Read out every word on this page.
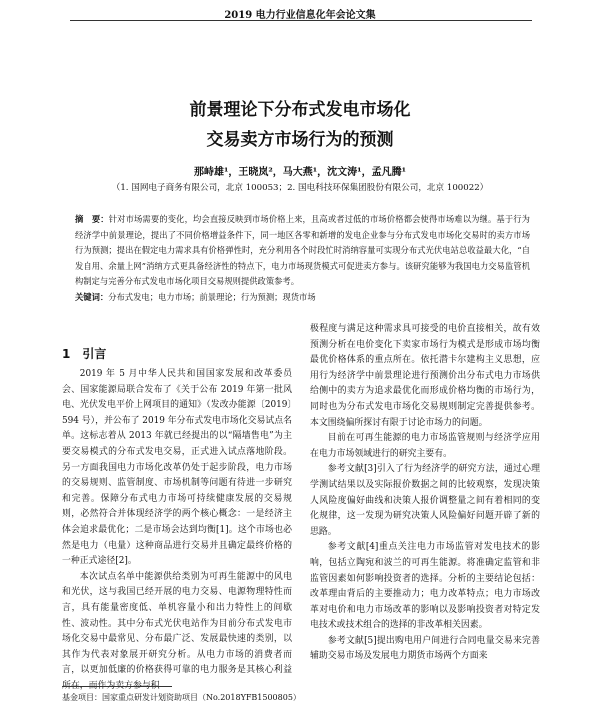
2019 电力行业信息化年会论文集
前景理论下分布式发电市场化
交易卖方市场行为的预测
那峙雄¹，王晓岚²，马大燕¹，沈文涛¹，孟凡腾¹
（1. 国网电子商务有限公司，北京 100053；2. 国电科技环保集团股份有限公司，北京 100022）
摘　要：针对市场需要的变化，均会直接反映到市场价格上来，且高或者过低的市场价格都会使得市场难以为继。基于行为经济学中前景理论，提出了不同价格增益条件下，同一地区各零和新增的发电企业参与分布式发电市场化交易时的卖方市场行为预测；提出在假定电力需求具有价格弹性时，充分利用各个时段忙时消纳容量可实现分布式光伏电站总收益最大化，“自发自用、余量上网”消纳方式更具备经济性的特点下，电力市场现货模式可促进卖方参与。该研究能够为我国电力交易监管机构制定与完善分布式发电市场化项目交易规则提供政策参考。
关键词：分布式发电；电力市场；前景理论；行为预测；现货市场
1　引言

2019 年 5 月中华人民共和国国家发展和改革委员会、国家能源局联合发布了《关于公布 2019 年第一批风电、光伏发电平价上网项目的通知》（发改办能源〔2019〕594 号），并公布了 2019 年分布式发电市场化交易试点名单。这标志着从 2013 年就已经提出的以“隔墙售电”为主要交易模式的分布式发电交易，正式进入试点落地阶段。另一方面我国电力市场化改革仍处于起步阶段，电力市场的交易规则、监管制度、市场机制等问题有待进一步研究和完善。保障分布式电力市场可持续健康发展的交易规则，必然符合并体现经济学的两个核心概念：一是经济主体会追求最优化；二是市场会达到均衡[1]。这个市场也必然是电力（电量）这种商品进行交易并且确定最终价格的一种正式途径[2]。

本次试点名单中能源供给类别为可再生能源中的风电和光伏，这与我国已经开展的电力交易、电源物理特性而言，具有能量密度低、单机容量小和出力特性上的间歇性、波动性。其中分布式光伏电站作为目前分布式发电市场化交易中最常见、分布最广泛、发展最快速的类别，以其作为代表对象展开研究分析。从电力市场的消费者而言，以更加低廉的价格获得可靠的电力服务是其核心利益所在，而作为卖方参与积

极程度与满足这种需求具可接受的电价直接相关，故有效预测分析在电价变化下卖家市场行为模式是形成市场均衡最优价格体系的重点所在。依托潜卡尔建构主义思想，应用行为经济学中前景理论进行预测价出分布式电力市场供给侧中的卖方为追求最优化而形成价格均衡的市场行为，同时也为分布式发电市场化交易规则制定完善提供参考。本文围绕偏所探讨有限于讨论市场力的问题。

目前在可再生能源的电力市场监管规则与经济学应用在电力市场领域进行的研究主要有。

参考文献[3]引入了行为经济学的研究方法，通过心理学测试结果以及实际报价数据之间的比较观察，发现决策人风险度偏好曲线和决策人报价调整量之间有着相同的变化规律，这一发现为研究决策人风险偏好问题开辟了新的思路。

参考文献[4]重点关注电力市场监管对发电技术的影响，包括立陶宛和波兰的可再生能源。将准确定监管和非监管因素如何影响投资者的选择。分析的主要结论包括：改革理由背后的主要推动力；电力改革特点；电力市场改革对电价和电力市场改革的影响以及影响投资者对特定发电技术或技术组合的选择的非改革相关因素。

参考文献[5]提出购电用户间进行合同电量交易来完善辅助交易市场及发展电力期货市场两个方面来

基金项目：国家重点研发计划资助项目（No.2018YFB1500805）
